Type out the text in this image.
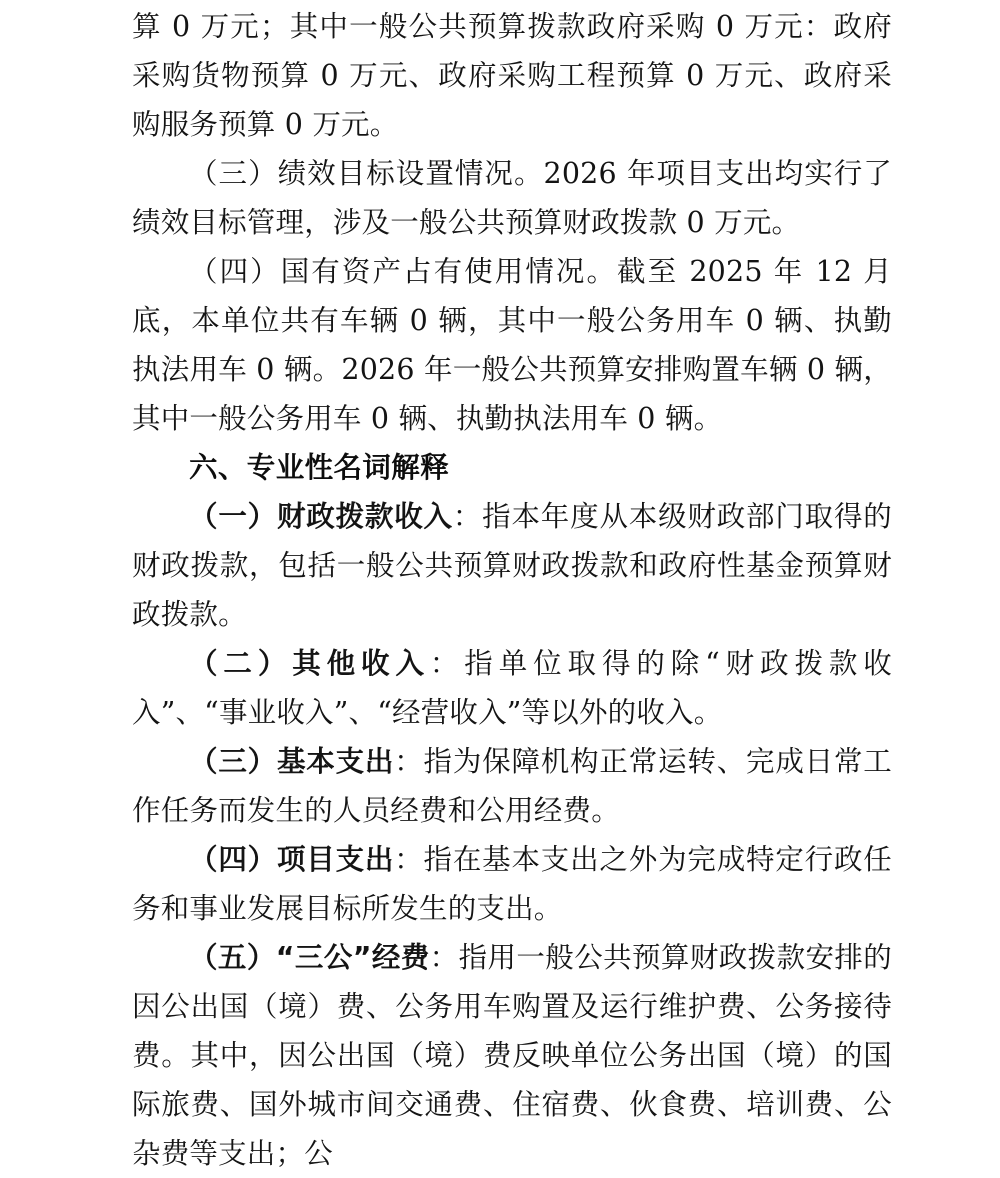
算 0 万元；其中一般公共预算拨款政府采购 0 万元：政府采购货物预算 0 万元、政府采购工程预算 0 万元、政府采购服务预算 0 万元。

（三）绩效目标设置情况。2026 年项目支出均实行了绩效目标管理，涉及一般公共预算财政拨款 0 万元。

（四）国有资产占有使用情况。截至 2025 年 12 月底，本单位共有车辆 0 辆，其中一般公务用车 0 辆、执勤执法用车 0 辆。2026 年一般公共预算安排购置车辆 0 辆，其中一般公务用车 0 辆、执勤执法用车 0 辆。

六、专业性名词解释

（一）财政拨款收入：指本年度从本级财政部门取得的财政拨款，包括一般公共预算财政拨款和政府性基金预算财政拨款。

（二）其他收入：指单位取得的除“财政拨款收入”、“事业收入”、“经营收入”等以外的收入。

（三）基本支出：指为保障机构正常运转、完成日常工作任务而发生的人员经费和公用经费。

（四）项目支出：指在基本支出之外为完成特定行政任务和事业发展目标所发生的支出。

（五）“三公”经费：指用一般公共预算财政拨款安排的因公出国（境）费、公务用车购置及运行维护费、公务接待费。其中，因公出国（境）费反映单位公务出国（境）的国际旅费、国外城市间交通费、住宿费、伙食费、培训费、公杂费等支出；公
